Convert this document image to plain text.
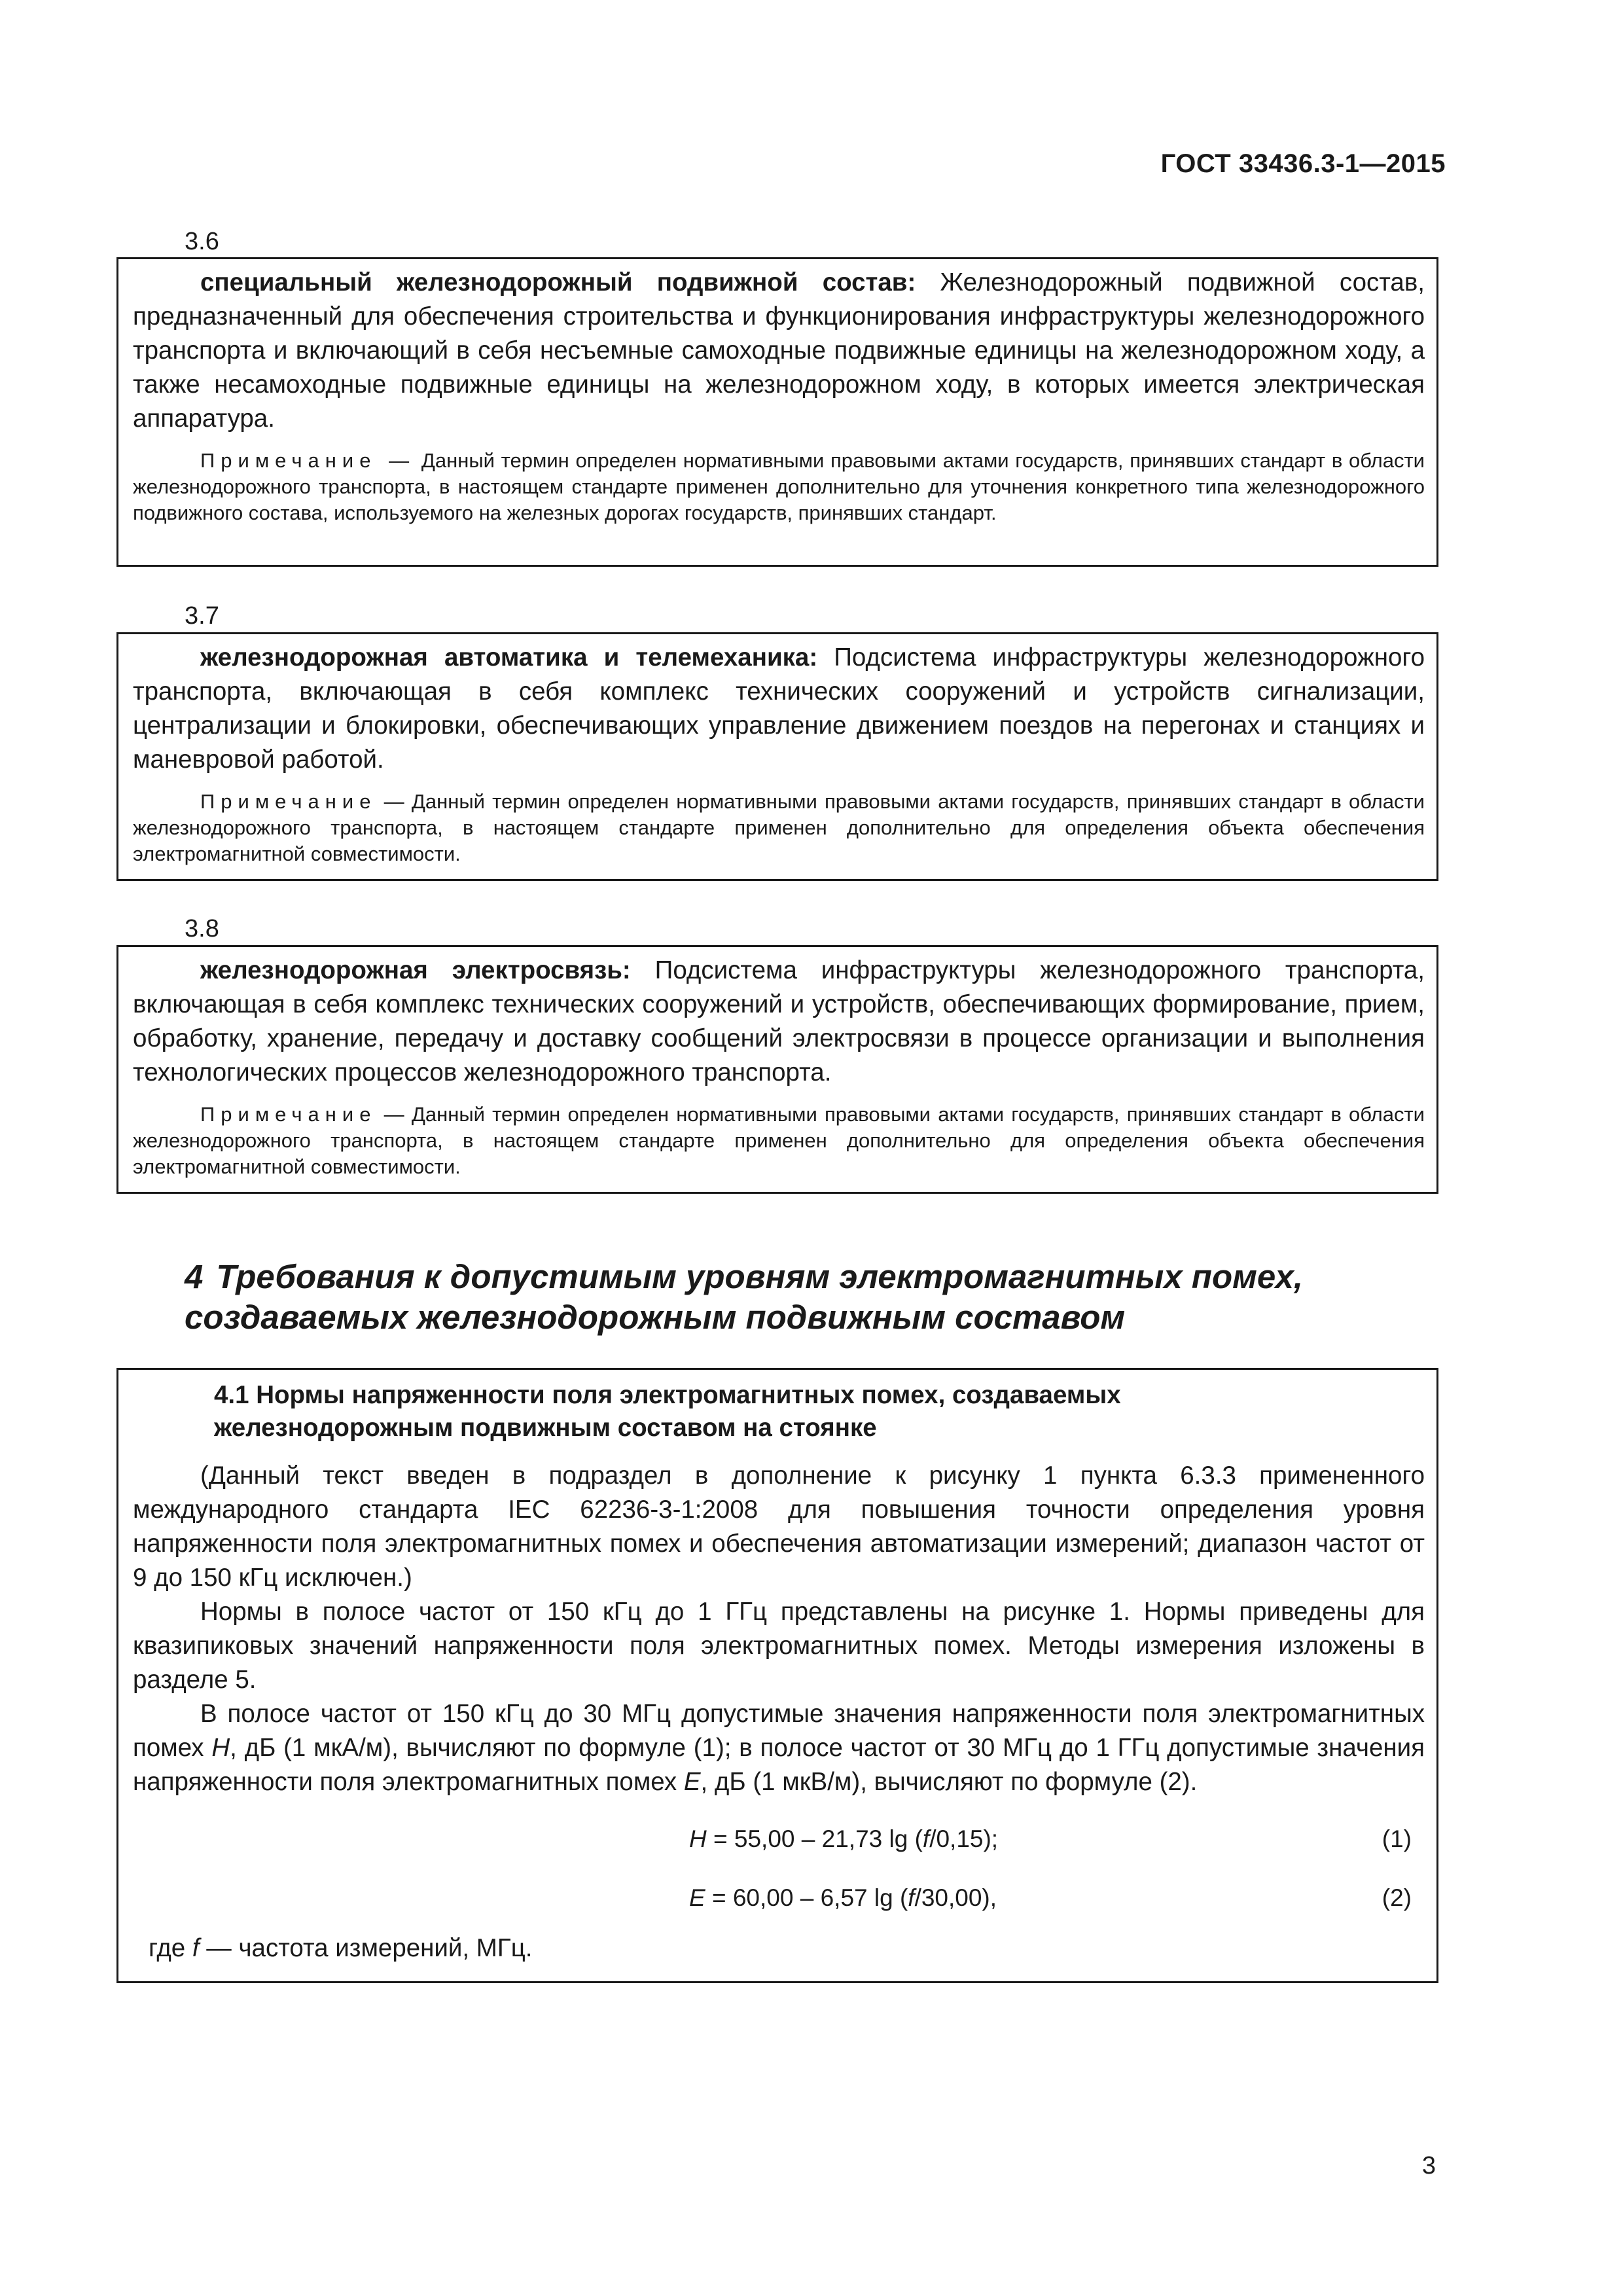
ГОСТ 33436.3-1—2015
3.6

специальный железнодорожный подвижной состав: Железнодорожный подвижной состав, предназначенный для обеспечения строительства и функционирования инфраструктуры железнодорожного транспорта и включающий в себя несъемные самоходные подвижные единицы на железнодорожном ходу, а также несамоходные подвижные единицы на железнодорожном ходу, в которых имеется электрическая аппаратура.

Примечание — Данный термин определен нормативными правовыми актами государств, принявших стандарт в области железнодорожного транспорта, в настоящем стандарте применен дополнительно для уточнения конкретного типа железнодорожного подвижного состава, используемого на железных дорогах государств, принявших стандарт.

3.7

железнодорожная автоматика и телемеханика: Подсистема инфраструктуры железнодорожного транспорта, включающая в себя комплекс технических сооружений и устройств сигнализации, централизации и блокировки, обеспечивающих управление движением поездов на перегонах и станциях и маневровой работой.

Примечание — Данный термин определен нормативными правовыми актами государств, принявших стандарт в области железнодорожного транспорта, в настоящем стандарте применен дополнительно для определения объекта обеспечения электромагнитной совместимости.

3.8

железнодорожная электросвязь: Подсистема инфраструктуры железнодорожного транспорта, включающая в себя комплекс технических сооружений и устройств, обеспечивающих формирование, прием, обработку, хранение, передачу и доставку сообщений электросвязи в процессе организации и выполнения технологических процессов железнодорожного транспорта.

Примечание — Данный термин определен нормативными правовыми актами государств, принявших стандарт в области железнодорожного транспорта, в настоящем стандарте применен дополнительно для определения объекта обеспечения электромагнитной совместимости.

4 Требования к допустимым уровням электромагнитных помех,
создаваемых железнодорожным подвижным составом
4.1 Нормы напряженности поля электромагнитных помех, создаваемых
железнодорожным подвижным составом на стоянке

(Данный текст введен в подраздел в дополнение к рисунку 1 пункта 6.3.3 примененного международного стандарта IEC 62236-3-1:2008 для повышения точности определения уровня напряженности поля электромагнитных помех и обеспечения автоматизации измерений; диапазон частот от 9 до 150 кГц исключен.)

Нормы в полосе частот от 150 кГц до 1 ГГц представлены на рисунке 1. Нормы приведены для квазипиковых значений напряженности поля электромагнитных помех. Методы измерения изложены в разделе 5.

В полосе частот от 150 кГц до 30 МГц допустимые значения напряженности поля электромагнитных помех H, дБ (1 мкА/м), вычисляют по формуле (1); в полосе частот от 30 МГц до 1 ГГц допустимые значения напряженности поля электромагнитных помех E, дБ (1 мкВ/м), вычисляют по формуле (2).

H = 55,00 – 21,73 lg (f/0,15);	(1)
E = 60,00 – 6,57 lg (f/30,00),	(2)

где f — частота измерений, МГц.

3
